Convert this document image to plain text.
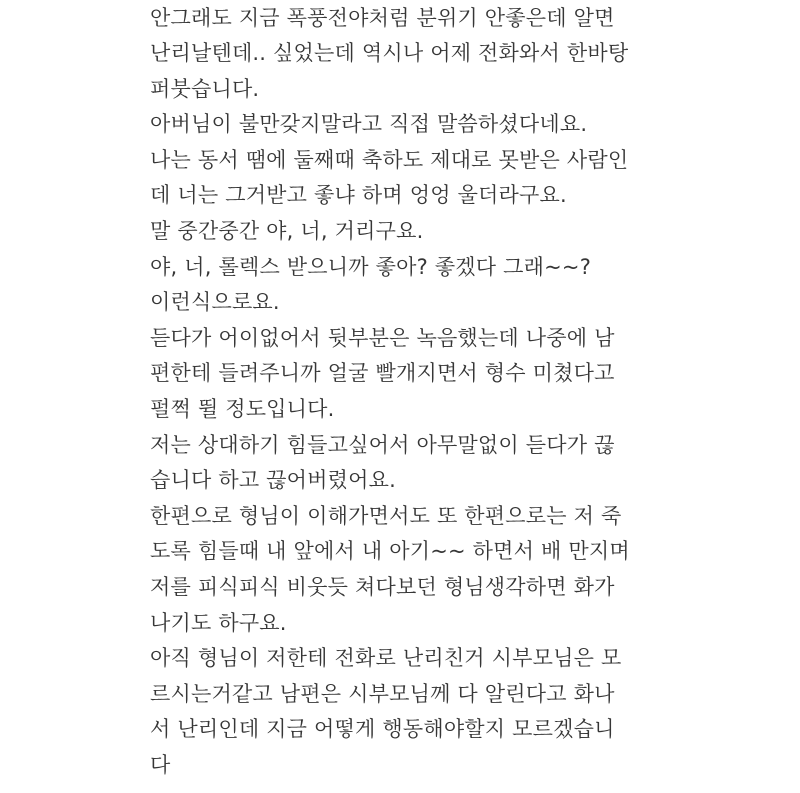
안그래도 지금 폭풍전야처럼 분위기 안좋은데 알면
난리날텐데.. 싶었는데 역시나 어제 전화와서 한바탕
퍼붓습니다.
아버님이 불만갖지말라고 직접 말씀하셨다네요.
나는 동서 땜에 둘째때 축하도 제대로 못받은 사람인
데 너는 그거받고 좋냐 하며 엉엉 울더라구요.
말 중간중간 야, 너, 거리구요.
야, 너, 롤렉스 받으니까 좋아? 좋겠다 그래~~?
이런식으로요.
듣다가 어이없어서 뒷부분은 녹음했는데 나중에 남
편한테 들려주니까 얼굴 빨개지면서 형수 미쳤다고
펄쩍 뛸 정도입니다.
저는 상대하기 힘들고싶어서 아무말없이 듣다가 끊
습니다 하고 끊어버렸어요.
한편으로 형님이 이해가면서도 또 한편으로는 저 죽
도록 힘들때 내 앞에서 내 아기~~ 하면서 배 만지며
저를 피식피식 비웃듯 쳐다보던 형님생각하면 화가
나기도 하구요.
아직 형님이 저한테 전화로 난리친거 시부모님은 모
르시는거같고 남편은 시부모님께 다 알린다고 화나
서 난리인데 지금 어떻게 행동해야할지 모르겠습니
다
